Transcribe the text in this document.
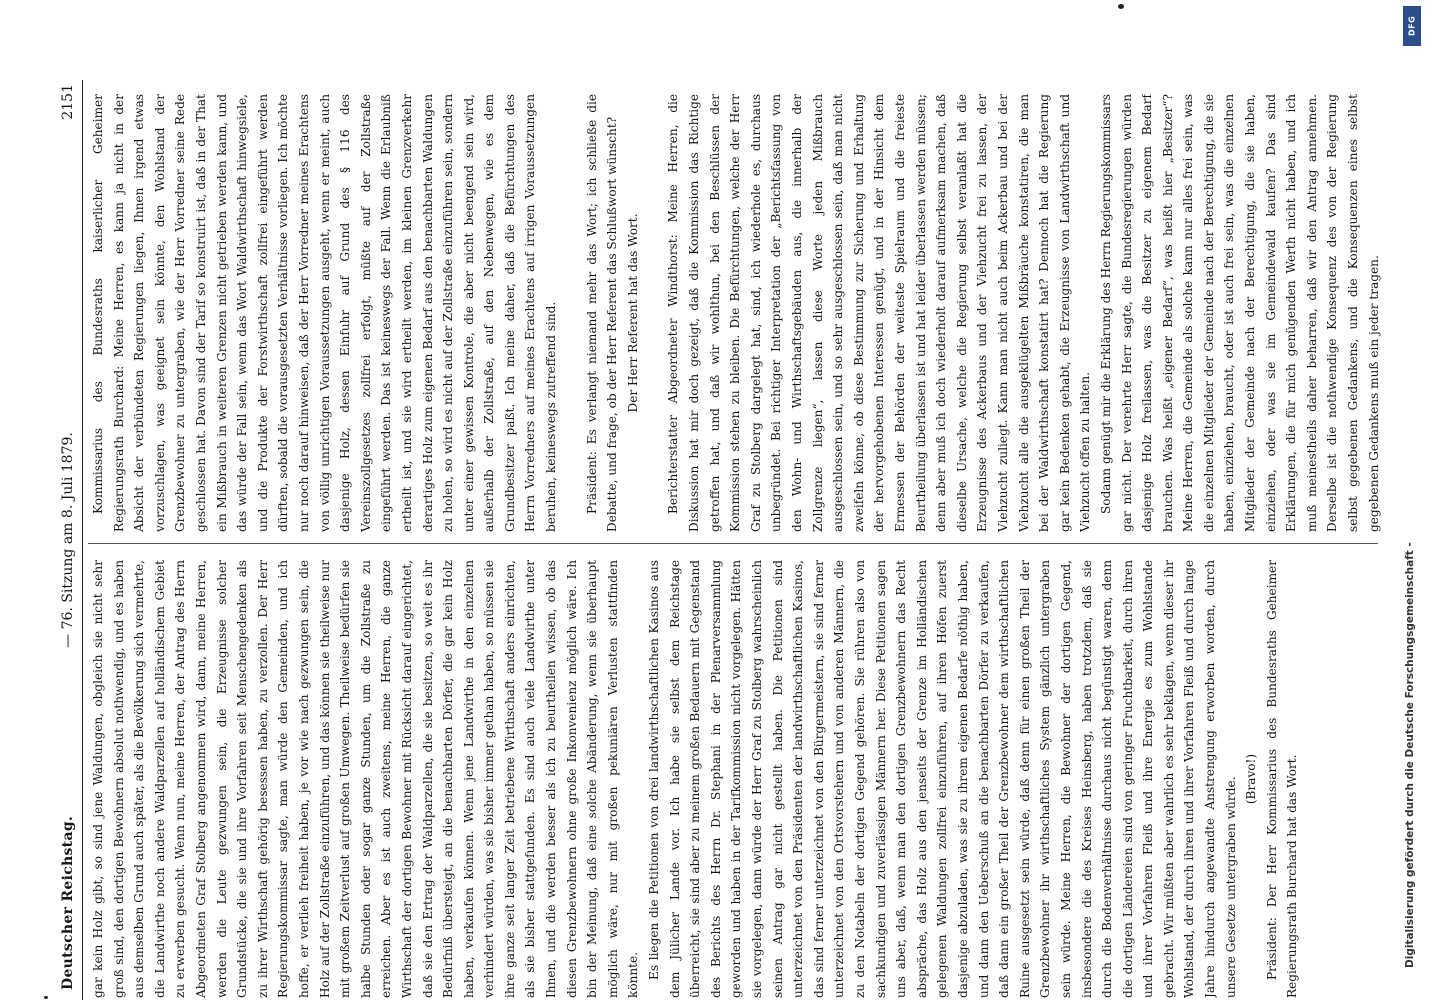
Deutscher Reichstag.
— 76. Sitzung am 8. Juli 1879.
2151

gar kein Holz gibt, so sind jene Waldungen, obgleich sie nicht sehr groß sind, den dortigen Bewohnern absolut nothwendig, und es haben aus demselben Grund auch später, als die Bevölkerung sich vermehrte, die Landwirthe noch andere Waldparzellen auf holländischem Gebiet zu erwerben gesucht. Wenn nun, meine Herren, der Antrag des Herrn Abgeordneten Graf Stolberg angenommen wird, dann, meine Herren, werden die Leute gezwungen sein, die Erzeugnisse solcher Grundstücke, die sie und ihre Vorfahren seit Menschengedenken als zu ihrer Wirthschaft gehörig besessen haben, zu verzollen. Der Herr Regierungskommissar sagte, man würde den Gemeinden, und ich hoffe, er verlieh freiheit haben, je vor wie nach gezwungen sein, die Holz auf der Zollstraße einzuführen, und das können sie theilweise nur mit großem Zeitverlust auf großen Umwegen. Theilweise bedürfen sie halbe Stunden oder sogar ganze Stunden, um die Zollstraße zu erreichen. Aber es ist auch zweitens, meine Herren, die ganze Wirthschaft der dortigen Bewohner mit Rücksicht darauf eingerichtet, daß sie den Ertrag der Waldparzellen, die sie besitzen, so weit es ihr Bedürfniß übersteigt, an die benachbarten Dörfer, die gar kein Holz haben, verkaufen können. Wenn jene Landwirthe in den einzelnen verhindert würden, was sie bisher immer gethan haben, so müssen sie ihre ganze seit langer Zeit betriebene Wirthschaft anders einrichten, als sie bisher stattgefunden. Es sind auch viele Landwirthe unter Ihnen, und die werden besser als ich zu beurtheilen wissen, ob das diesen Grenzbewohnern ohne große Inkonvenienz möglich wäre. Ich bin der Meinung, daß eine solche Abänderung, wenn sie überhaupt möglich wäre, nur mit großen pekuniären Verlusten stattfinden könnte. Es liegen die Petitionen von drei landwirthschaftlichen Kasinos aus dem Jülicher Lande vor. Ich habe sie selbst dem Reichstage überreicht, sie sind aber zu meinem großen Bedauern mit Gegenstand des Berichts des Herrn Dr. Stephani in der Plenarversammlung geworden und haben in der Tarifkommission nicht vorgelegen. Hätten sie vorgelegen, dann würde der Herr Graf zu Stolberg wahrscheinlich seinen Antrag gar nicht gestellt haben. Die Petitionen sind unterzeichnet von den Präsidenten der landwirthschaftlichen Kasinos, das sind ferner unterzeichnet von den Bürgermeistern, sie sind ferner unterzeichnet von den Ortsvorstehern und von anderen Männern, die zu den Notabeln der dortigen Gegend gehören. Sie rühren also von sachkundigen und zuverlässigen Männern her. Diese Petitionen sagen uns aber, daß, wenn man den dortigen Grenzbewohnern das Recht abspräche, das Holz aus den jenseits der Grenze im Holländischen gelegenen Waldungen zollfrei einzuführen, auf ihren Höfen zuerst dasjenige abzuladen, was sie zu ihrem eigenen Bedarfe nöthig haben, und dann den Ueberschuß an die benachbarten Dörfer zu verkaufen, daß dann ein großer Theil der Grenzbewohner dem wirthschaftlichen Ruine ausgesetzt sein würde, daß denn für einen großen Theil der Grenzbewohner ihr wirthschaftliches System gänzlich untergraben sein würde. Meine Herren, die Bewohner der dortigen Gegend, insbesondere die des Kreises Heinsberg, haben trotzdem, daß sie durch die Bodenverhältnisse durchaus nicht begünstigt waren, denn die dortigen Ländereien sind von geringer Fruchtbarkeit, durch ihren und ihrer Vorfahren Fleiß und ihre Energie es zum Wohlstande gebracht. Wir müßten aber wahrlich es sehr beklagen, wenn dieser ihr Wohlstand, der durch ihren und ihrer Vorfahren Fleiß und durch lange Jahre hindurch angewandte Anstrengung erworben worden, durch unsere Gesetze untergraben würde. (Bravo!) Präsident: Der Herr Kommissarius des Bundesraths Geheimer Regierungsrath Burchard hat das Wort.

Kommissarius des Bundesraths kaiserlicher Geheimer Regierungsrath Burchard: Meine Herren, es kann ja nicht in der Absicht der verbündeten Regierungen liegen, Ihnen irgend etwas vorzuschlagen, was geeignet sein könnte, den Wohlstand der Grenzbewohner zu untergraben, wie der Herr Vorredner seine Rede geschlossen hat. Davon sind der Tarif so konstruirt ist, daß in der That ein Mißbrauch in weiteren Grenzen nicht getrieben werden kann, und das würde der Fall sein, wenn das Wort Waldwirthschaft hinwegsiele, und die Produkte der Forstwirthschaft zollfrei eingeführt werden dürften, sobald die vorausgesetzten Verhältnisse vorliegen. Ich möchte nur noch darauf hinweisen, daß der Herr Vorredner meines Erachtens von völlig unrichtigen Voraussetzungen ausgeht, wenn er meint, auch dasjenige Holz, dessen Einfuhr auf Grund des § 116 des Vereinszollgesetzes zollfrei erfolgt, müßte auf der Zollstraße eingeführt werden. Das ist keineswegs der Fall. Wenn die Erlaubniß ertheilt ist, und sie wird ertheilt werden, im kleinen Grenzverkehr derartiges Holz zum eigenen Bedarf aus den benachbarten Waldungen zu holen, so wird es nicht auf der Zollstraße einzuführen sein, sondern unter einer gewissen Kontrole, die aber nicht beengend sein wird, außerhalb der Zollstraße, auf den Nebenwegen, wie es dem Grundbesitzer paßt. Ich meine daher, daß die Befürchtungen des Herrn Vorredners auf meines Erachtens auf irrigen Voraussetzungen beruhen, keineswegs zutreffend sind. Präsident: Es verlangt niemand mehr das Wort; ich schließe die Debatte, und frage, ob der Herr Referent das Schlußwort wünscht? Der Herr Referent hat das Wort. Berichterstatter Abgeordneter Windthorst: Meine Herren, die Diskussion hat mir doch gezeigt, daß die Kommission das Richtige getroffen hat, und daß wir wohlthun, bei den Beschlüssen der Kommission stehen zu bleiben. Die Befürchtungen, welche der Herr Graf zu Stolberg dargelegt hat, sind, ich wiederhole es, durchaus unbegründet. Bei richtiger Interpretation der „Berichtsfassung von den Wohn- und Wirthschaftsgebäuden aus, die innerhalb der Zollgrenze liegen“, lassen diese Worte jeden Mißbrauch ausgeschlossen sein, und so sehr ausgeschlossen sein, daß man nicht zweifeln könne, ob diese Bestimmung zur Sicherung und Erhaltung der hervorgehobenen Interessen genügt, und in der Hinsicht dem Ermessen der Behörden der weiteste Spielraum und die freieste Beurtheilung überlassen ist und hat leider überlassen werden müssen; denn aber muß ich doch wiederholt darauf aufmerksam machen, daß dieselbe Ursache, welche die Regierung selbst veranlaßt hat die Erzeugnisse des Ackerbaus und der Viehzucht frei zu lassen, der Viehzucht zuliegt. Kann man nicht auch beim Ackerbau und bei der Viehzucht alle die ausgeklügelten Mißbräuche konstatiren, die man bei der Waldwirthschaft konstatirt hat? Dennoch hat die Regierung gar kein Bedenken gehabt, die Erzeugnisse von Landwirthschaft und Viehzucht offen zu halten. Sodann genügt mir die Erklärung des Herrn Regierungskommissars gar nicht. Der verehrte Herr sagte, die Bundesregierungen würden dasjenige Holz freilassen, was die Besitzer zu eigenem Bedarf brauchen. Was heißt „eigener Bedarf“, was heißt hier „Besitzer“? Meine Herren, die Gemeinde als solche kann nur alles frei sein, was die einzelnen Mitglieder der Gemeinde nach der Berechtigung, die sie haben, einziehen, braucht, oder ist auch frei sein, was die einzelnen Mitglieder der Gemeinde nach der Berechtigung, die sie haben, einziehen, oder was sie im Gemeindewald kaufen? Das sind Erklärungen, die für mich genügenden Werth nicht haben, und ich muß meinestheils daher beharren, daß wir den Antrag annehmen. Derselbe ist die nothwendige Konsequenz des von der Regierung selbst gegebenen Gedankens, und die Konsequenzen eines selbst gegebenen Gedankens muß ein jeder tragen.

DFG
Digitalisierung gefördert durch die Deutsche Forschungsgemeinschaft -
